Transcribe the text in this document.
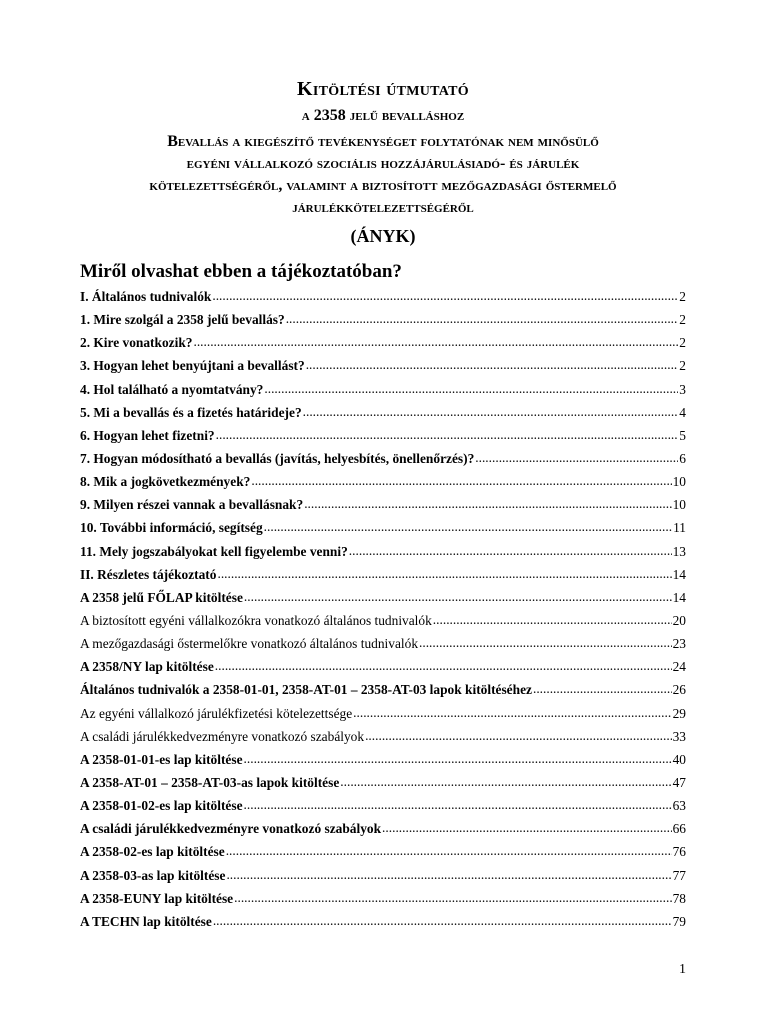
Kitöltési útmutató
a 2358 jelű bevalláshoz
Bevallás a kiegészítő tevékenységet folytatónak nem minősülő
egyéni vállalkozó szociális hozzájárulásiadó- és járulék
kötelezettségéről, valamint a biztosított mezőgazdasági őstermelő
járulékkötelezettségéről
(ÁNYK)
Miről olvashat ebben a tájékoztatóban?
I. Általános tudnivalók .....	2
1. Mire szolgál a 2358 jelű bevallás? .....	2
2. Kire vonatkozik? .....	2
3. Hogyan lehet benyújtani a bevallást? .....	2
4. Hol található a nyomtatvány? .....	3
5. Mi a bevallás és a fizetés határideje? .....	4
6. Hogyan lehet fizetni? .....	5
7. Hogyan módosítható a bevallás (javítás, helyesbítés, önellenőrzés)? .....	6
8. Mik a jogkövetkezmények? .....	10
9. Milyen részei vannak a bevallásnak? .....	10
10. További információ, segítség .....	11
11. Mely jogszabályokat kell figyelembe venni? .....	13
II. Részletes tájékoztató .....	14
A 2358 jelű FŐLAP kitöltése .....	14
A biztosított egyéni vállalkozókra vonatkozó általános tudnivalók .....	20
A mezőgazdasági őstermelőkre vonatkozó általános tudnivalók .....	23
A 2358/NY lap kitöltése .....	24
Általános tudnivalók a 2358-01-01, 2358-AT-01 – 2358-AT-03 lapok kitöltéséhez .....	26
Az egyéni vállalkozó járulékfizetési kötelezettsége .....	29
A családi járulékkedvezményre vonatkozó szabályok .....	33
A 2358-01-01-es lap kitöltése .....	40
A 2358-AT-01 – 2358-AT-03-as lapok kitöltése .....	47
A 2358-01-02-es lap kitöltése .....	63
A családi járulékkedvezményre vonatkozó szabályok .....	66
A 2358-02-es lap kitöltése .....	76
A 2358-03-as lap kitöltése .....	77
A 2358-EUNY lap kitöltése .....	78
A TECHN lap kitöltése .....	79
1
